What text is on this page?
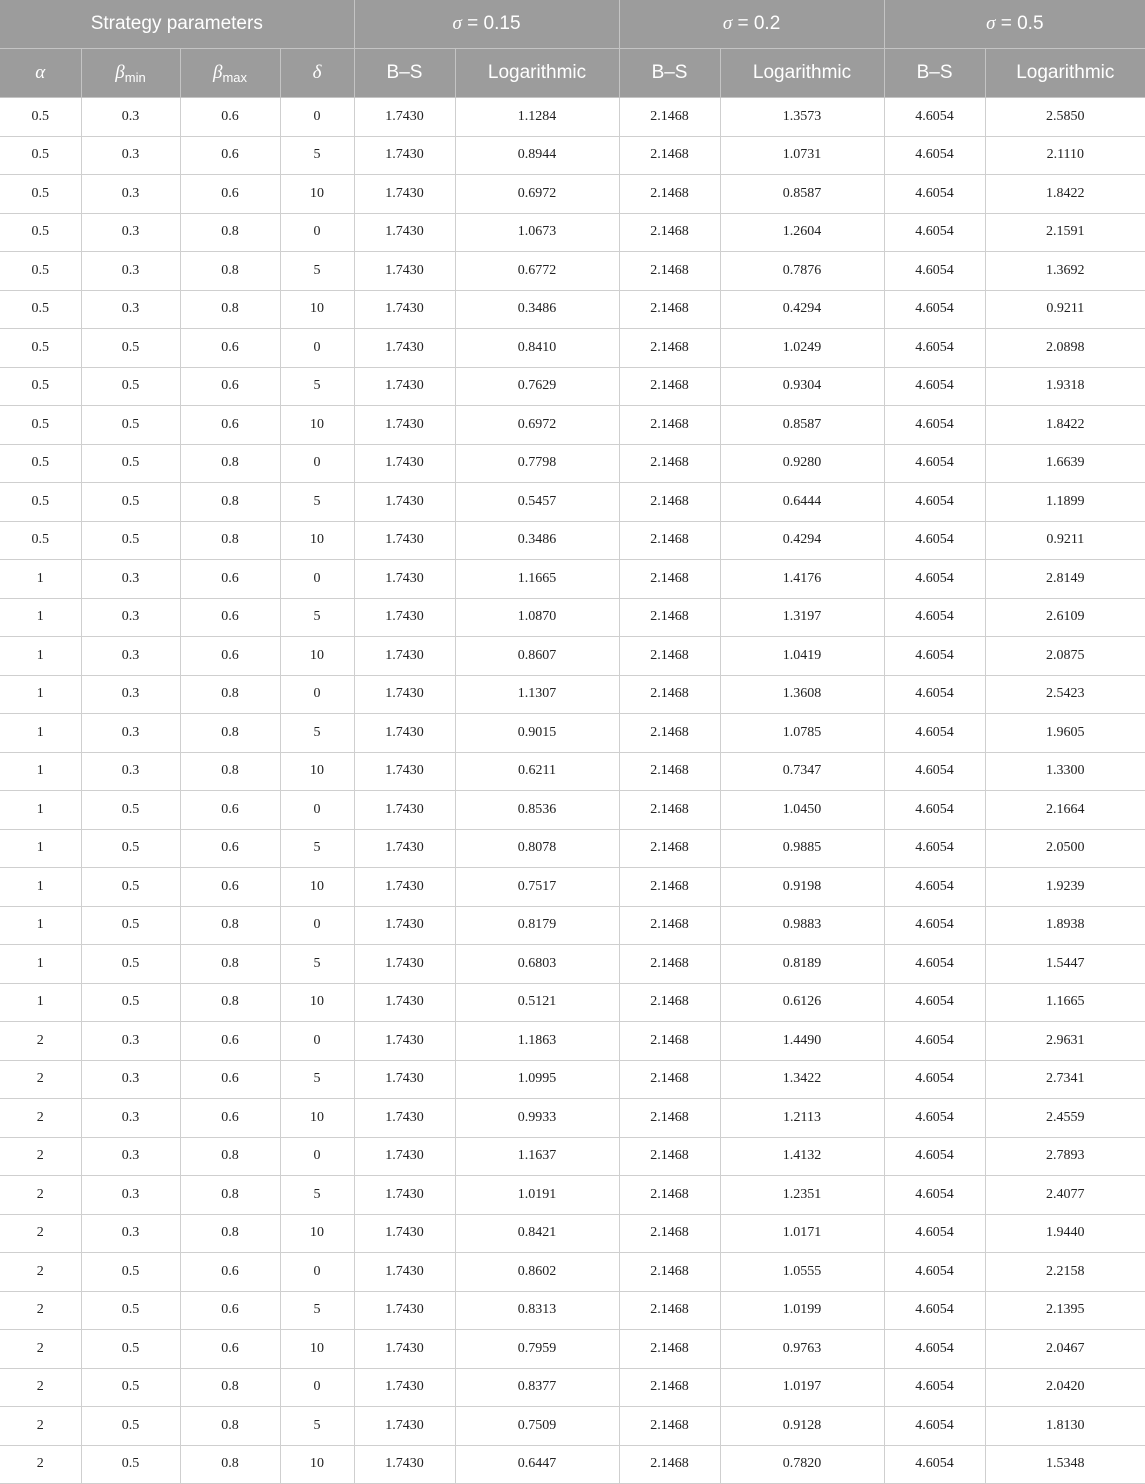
Strategy parameters				σ = 0.15		σ = 0.2		σ = 0.5	
α	$\beta_{min}$	$\beta_{max}$	δ	B–S	Logarithmic	B–S	Logarithmic	B–S	Logarithmic
0.5	0.3	0.6	0	1.7430	1.1284	2.1468	1.3573	4.6054	2.5850
0.5	0.3	0.6	5	1.7430	0.8944	2.1468	1.0731	4.6054	2.1110
0.5	0.3	0.6	10	1.7430	0.6972	2.1468	0.8587	4.6054	1.8422
0.5	0.3	0.8	0	1.7430	1.0673	2.1468	1.2604	4.6054	2.1591
0.5	0.3	0.8	5	1.7430	0.6772	2.1468	0.7876	4.6054	1.3692
0.5	0.3	0.8	10	1.7430	0.3486	2.1468	0.4294	4.6054	0.9211
0.5	0.5	0.6	0	1.7430	0.8410	2.1468	1.0249	4.6054	2.0898
0.5	0.5	0.6	5	1.7430	0.7629	2.1468	0.9304	4.6054	1.9318
0.5	0.5	0.6	10	1.7430	0.6972	2.1468	0.8587	4.6054	1.8422
0.5	0.5	0.8	0	1.7430	0.7798	2.1468	0.9280	4.6054	1.6639
0.5	0.5	0.8	5	1.7430	0.5457	2.1468	0.6444	4.6054	1.1899
0.5	0.5	0.8	10	1.7430	0.3486	2.1468	0.4294	4.6054	0.9211
1	0.3	0.6	0	1.7430	1.1665	2.1468	1.4176	4.6054	2.8149
1	0.3	0.6	5	1.7430	1.0870	2.1468	1.3197	4.6054	2.6109
1	0.3	0.6	10	1.7430	0.8607	2.1468	1.0419	4.6054	2.0875
1	0.3	0.8	0	1.7430	1.1307	2.1468	1.3608	4.6054	2.5423
1	0.3	0.8	5	1.7430	0.9015	2.1468	1.0785	4.6054	1.9605
1	0.3	0.8	10	1.7430	0.6211	2.1468	0.7347	4.6054	1.3300
1	0.5	0.6	0	1.7430	0.8536	2.1468	1.0450	4.6054	2.1664
1	0.5	0.6	5	1.7430	0.8078	2.1468	0.9885	4.6054	2.0500
1	0.5	0.6	10	1.7430	0.7517	2.1468	0.9198	4.6054	1.9239
1	0.5	0.8	0	1.7430	0.8179	2.1468	0.9883	4.6054	1.8938
1	0.5	0.8	5	1.7430	0.6803	2.1468	0.8189	4.6054	1.5447
1	0.5	0.8	10	1.7430	0.5121	2.1468	0.6126	4.6054	1.1665
2	0.3	0.6	0	1.7430	1.1863	2.1468	1.4490	4.6054	2.9631
2	0.3	0.6	5	1.7430	1.0995	2.1468	1.3422	4.6054	2.7341
2	0.3	0.6	10	1.7430	0.9933	2.1468	1.2113	4.6054	2.4559
2	0.3	0.8	0	1.7430	1.1637	2.1468	1.4132	4.6054	2.7893
2	0.3	0.8	5	1.7430	1.0191	2.1468	1.2351	4.6054	2.4077
2	0.3	0.8	10	1.7430	0.8421	2.1468	1.0171	4.6054	1.9440
2	0.5	0.6	0	1.7430	0.8602	2.1468	1.0555	4.6054	2.2158
2	0.5	0.6	5	1.7430	0.8313	2.1468	1.0199	4.6054	2.1395
2	0.5	0.6	10	1.7430	0.7959	2.1468	0.9763	4.6054	2.0467
2	0.5	0.8	0	1.7430	0.8377	2.1468	1.0197	4.6054	2.0420
2	0.5	0.8	5	1.7430	0.7509	2.1468	0.9128	4.6054	1.8130
2	0.5	0.8	10	1.7430	0.6447	2.1468	0.7820	4.6054	1.5348
